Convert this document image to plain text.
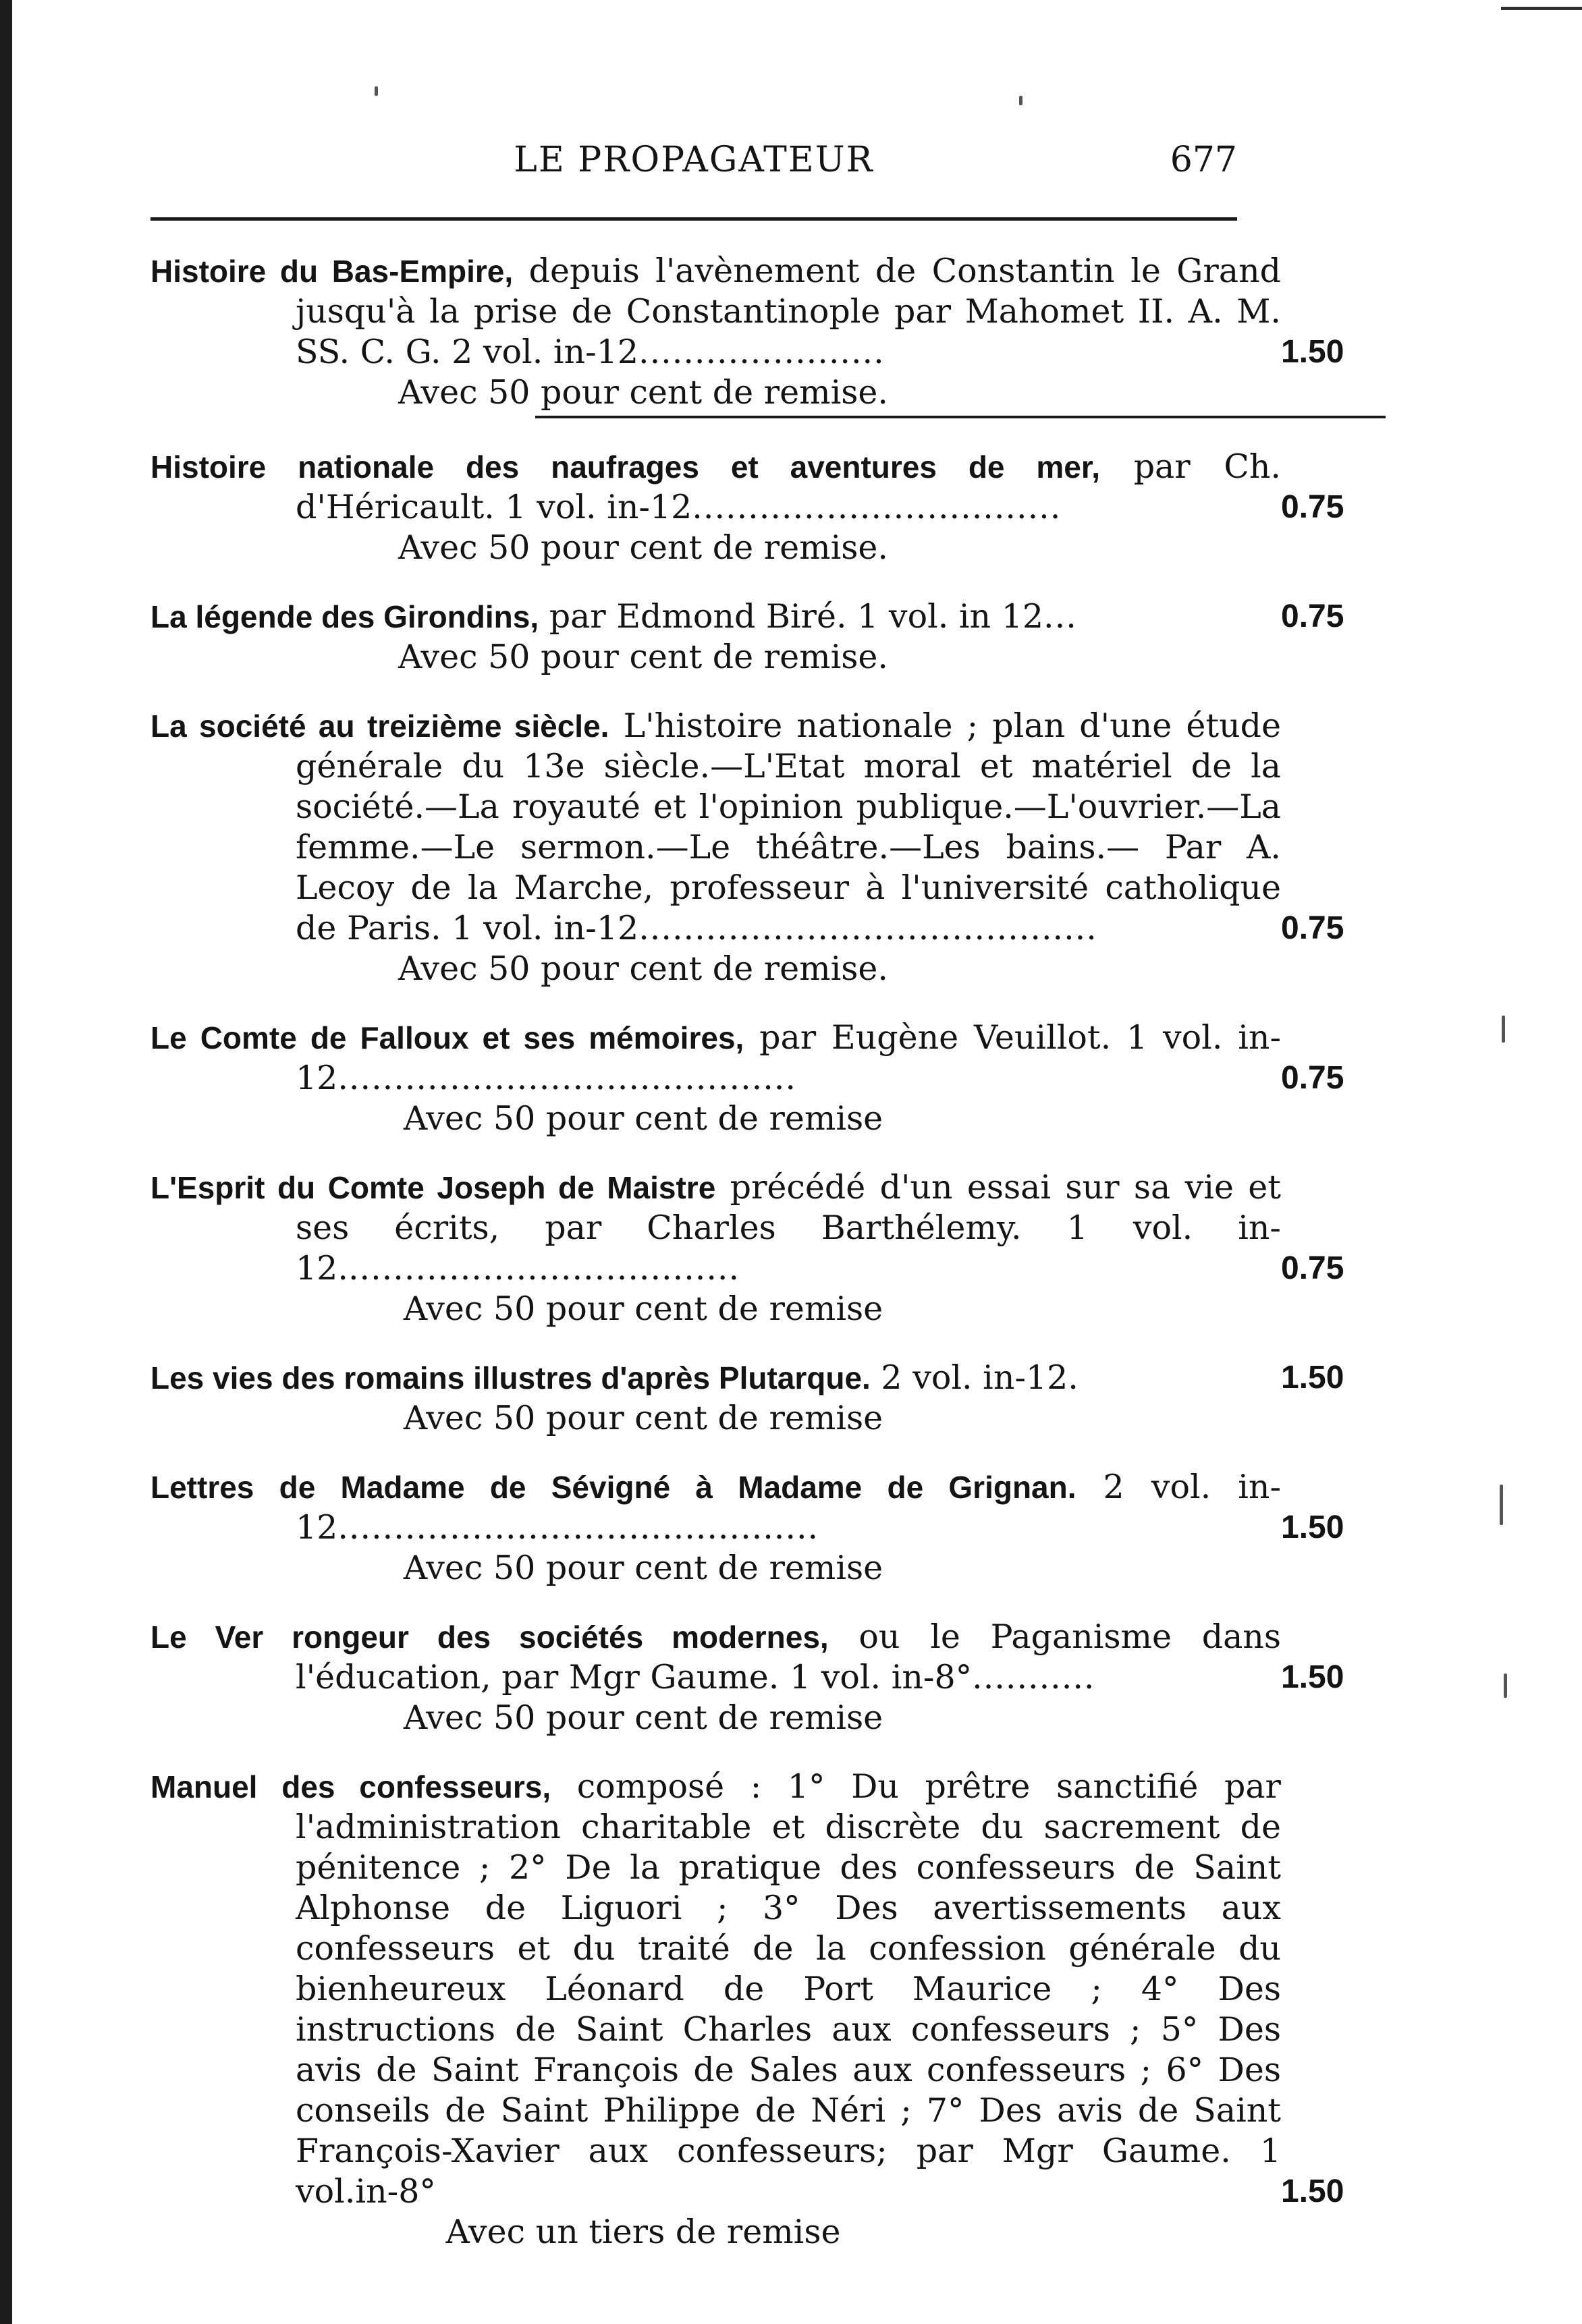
LE PROPAGATEUR	677
Histoire du Bas-Empire, depuis l'avènement de Constantin le Grand jusqu'à la prise de Constantinople par Mahomet II. A. M. SS. C. G. 2 vol. in-12......................	1.50
Avec 50 pour cent de remise.
Histoire nationale des naufrages et aventures de mer, par Ch. d'Héricault. 1 vol. in-12.................................	0.75
Avec 50 pour cent de remise.
La légende des Girondins, par Edmond Biré. 1 vol. in 12...	0.75
Avec 50 pour cent de remise.
La société au treizième siècle. L'histoire nationale ; plan d'une étude générale du 13e siècle.—L'Etat moral et matériel de la société.—La royauté et l'opinion publique.—L'ouvrier.—La femme.—Le sermon.—Le théâtre.—Les bains.— Par A. Lecoy de la Marche, professeur à l'université catholique de Paris. 1 vol. in-12.........................................	0.75
Avec 50 pour cent de remise.
Le Comte de Falloux et ses mémoires, par Eugène Veuillot. 1 vol. in-12.........................................	0.75
Avec 50 pour cent de remise
L'Esprit du Comte Joseph de Maistre précédé d'un essai sur sa vie et ses écrits, par Charles Barthélemy. 1 vol. in-12....................................	0.75
Avec 50 pour cent de remise
Les vies des romains illustres d'après Plutarque. 2 vol. in-12.	1.50
Avec 50 pour cent de remise
Lettres de Madame de Sévigné à Madame de Grignan. 2 vol. in-12...........................................	1.50
Avec 50 pour cent de remise
Le Ver rongeur des sociétés modernes, ou le Paganisme dans l'éducation, par Mgr Gaume. 1 vol. in-8°...........	1.50
Avec 50 pour cent de remise
Manuel des confesseurs, composé : 1° Du prêtre sanctifié par l'administration charitable et discrète du sacrement de pénitence ; 2° De la pratique des confesseurs de Saint Alphonse de Liguori ; 3° Des avertissements aux confesseurs et du traité de la confession générale du bienheureux Léonard de Port Maurice ; 4° Des instructions de Saint Charles aux confesseurs ; 5° Des avis de Saint François de Sales aux confesseurs ; 6° Des conseils de Saint Philippe de Néri ; 7° Des avis de Saint François-Xavier aux confesseurs; par Mgr Gaume. 1 vol.in-8°	1.50
Avec un tiers de remise
